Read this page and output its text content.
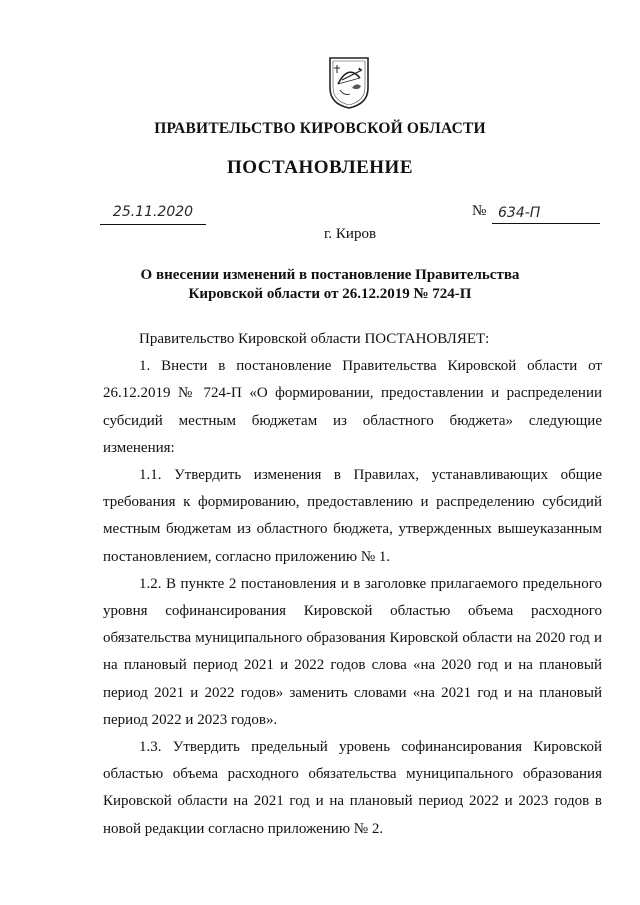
ПРАВИТЕЛЬСТВО КИРОВСКОЙ ОБЛАСТИ
ПОСТАНОВЛЕНИЕ
25.11.2020	№ 634-П
г. Киров
О внесении изменений в постановление Правительства
Кировской области от 26.12.2019 № 724-П

Правительство Кировской области ПОСТАНОВЛЯЕТ:

1. Внести в постановление Правительства Кировской области от 26.12.2019 № 724-П «О формировании, предоставлении и распределении субсидий местным бюджетам из областного бюджета» следующие изменения:

1.1. Утвердить изменения в Правилах, устанавливающих общие требования к формированию, предоставлению и распределению субсидий местным бюджетам из областного бюджета, утвержденных вышеуказанным постановлением, согласно приложению № 1.

1.2. В пункте 2 постановления и в заголовке прилагаемого предельного уровня софинансирования Кировской областью объема расходного обязательства муниципального образования Кировской области на 2020 год и на плановый период 2021 и 2022 годов слова «на 2020 год и на плановый период 2021 и 2022 годов» заменить словами «на 2021 год и на плановый период 2022 и 2023 годов».

1.3. Утвердить предельный уровень софинансирования Кировской областью объема расходного обязательства муниципального образования Кировской области на 2021 год и на плановый период 2022 и 2023 годов в новой редакции согласно приложению № 2.
